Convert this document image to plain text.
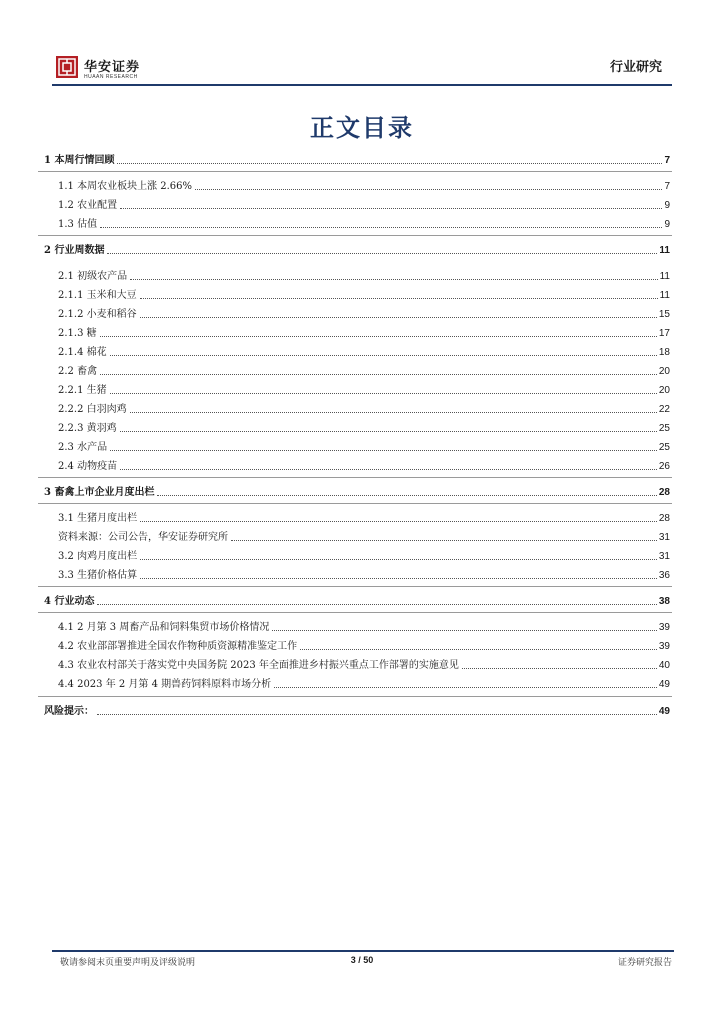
华安证券
HUAAN RESEARCH
行业研究
正文目录
1 本周行情回顾	7
1.1 本周农业板块上涨 2.66%	7
1.2 农业配置	9
1.3 估值	9
2 行业周数据	11
2.1 初级农产品	11
2.1.1 玉米和大豆	11
2.1.2 小麦和稻谷	15
2.1.3 糖	17
2.1.4 棉花	18
2.2 畜禽	20
2.2.1 生猪	20
2.2.2 白羽肉鸡	22
2.2.3 黄羽鸡	25
2.3 水产品	25
2.4 动物疫苗	26
3 畜禽上市企业月度出栏	28
3.1 生猪月度出栏	28
资料来源：公司公告，华安证券研究所	31
3.2 肉鸡月度出栏	31
3.3 生猪价格估算	36
4 行业动态	38
4.1 2 月第 3 周畜产品和饲料集贸市场价格情况	39
4.2 农业部部署推进全国农作物种质资源精准鉴定工作	39
4.3 农业农村部关于落实党中央国务院 2023 年全面推进乡村振兴重点工作部署的实施意见	40
4.4 2023 年 2 月第 4 期兽药饲料原料市场分析	49
风险提示：	49
敬请参阅末页重要声明及评级说明	3 / 50	证券研究报告
